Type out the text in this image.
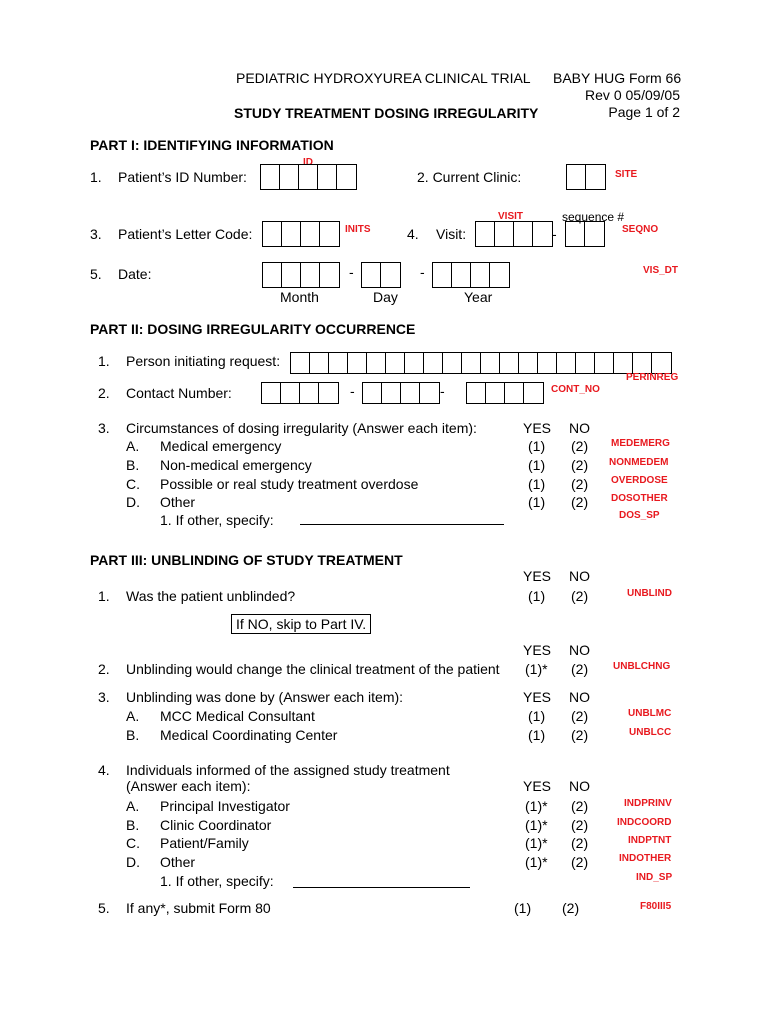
PEDIATRIC HYDROXYUREA CLINICAL TRIAL
STUDY TREATMENT DOSING IRREGULARITY
BABY HUG Form 66
Rev 0 05/09/05
Page 1 of 2
PART I: IDENTIFYING INFORMATION
ID
1. Patient’s ID Number:	2. Current Clinic:	SITE
VISIT	sequence #
3. Patient’s Letter Code:	INITS	4. Visit:	-	SEQNO
5. Date:	-	-	VIS_DT
Month	Day	Year
PART II: DOSING IRREGULARITY OCCURRENCE
1. Person initiating request:
PERINREG
2. Contact Number:	-	-	CONT_NO
3. Circumstances of dosing irregularity (Answer each item):	YES NO
A. Medical emergency	(1) (2) MEDEMERG
B. Non-medical emergency	(1) (2) NONMEDEM
C. Possible or real study treatment overdose	(1) (2) OVERDOSE
D. Other	(1) (2) DOSOTHER
1. If other, specify:	DOS_SP
PART III: UNBLINDING OF STUDY TREATMENT
YES NO
1. Was the patient unblinded?	(1) (2)	UNBLIND
If NO, skip to Part IV.
YES NO
2. Unblinding would change the clinical treatment of the patient (1)* (2) UNBLCHNG
3. Unblinding was done by (Answer each item):	YES NO
A. MCC Medical Consultant	(1) (2)	UNBLMC
B. Medical Coordinating Center	(1) (2)	UNBLCC
4. Individuals informed of the assigned study treatment
(Answer each item):	YES NO
A. Principal Investigator	(1)* (2)	INDPRINV
B. Clinic Coordinator	(1)* (2)	INDCOORD
C. Patient/Family	(1)* (2)	INDPTNT
D. Other	(1)* (2)	INDOTHER
1. If other, specify:	IND_SP
5. If any*, submit Form 80	(1) (2)	F80III5
